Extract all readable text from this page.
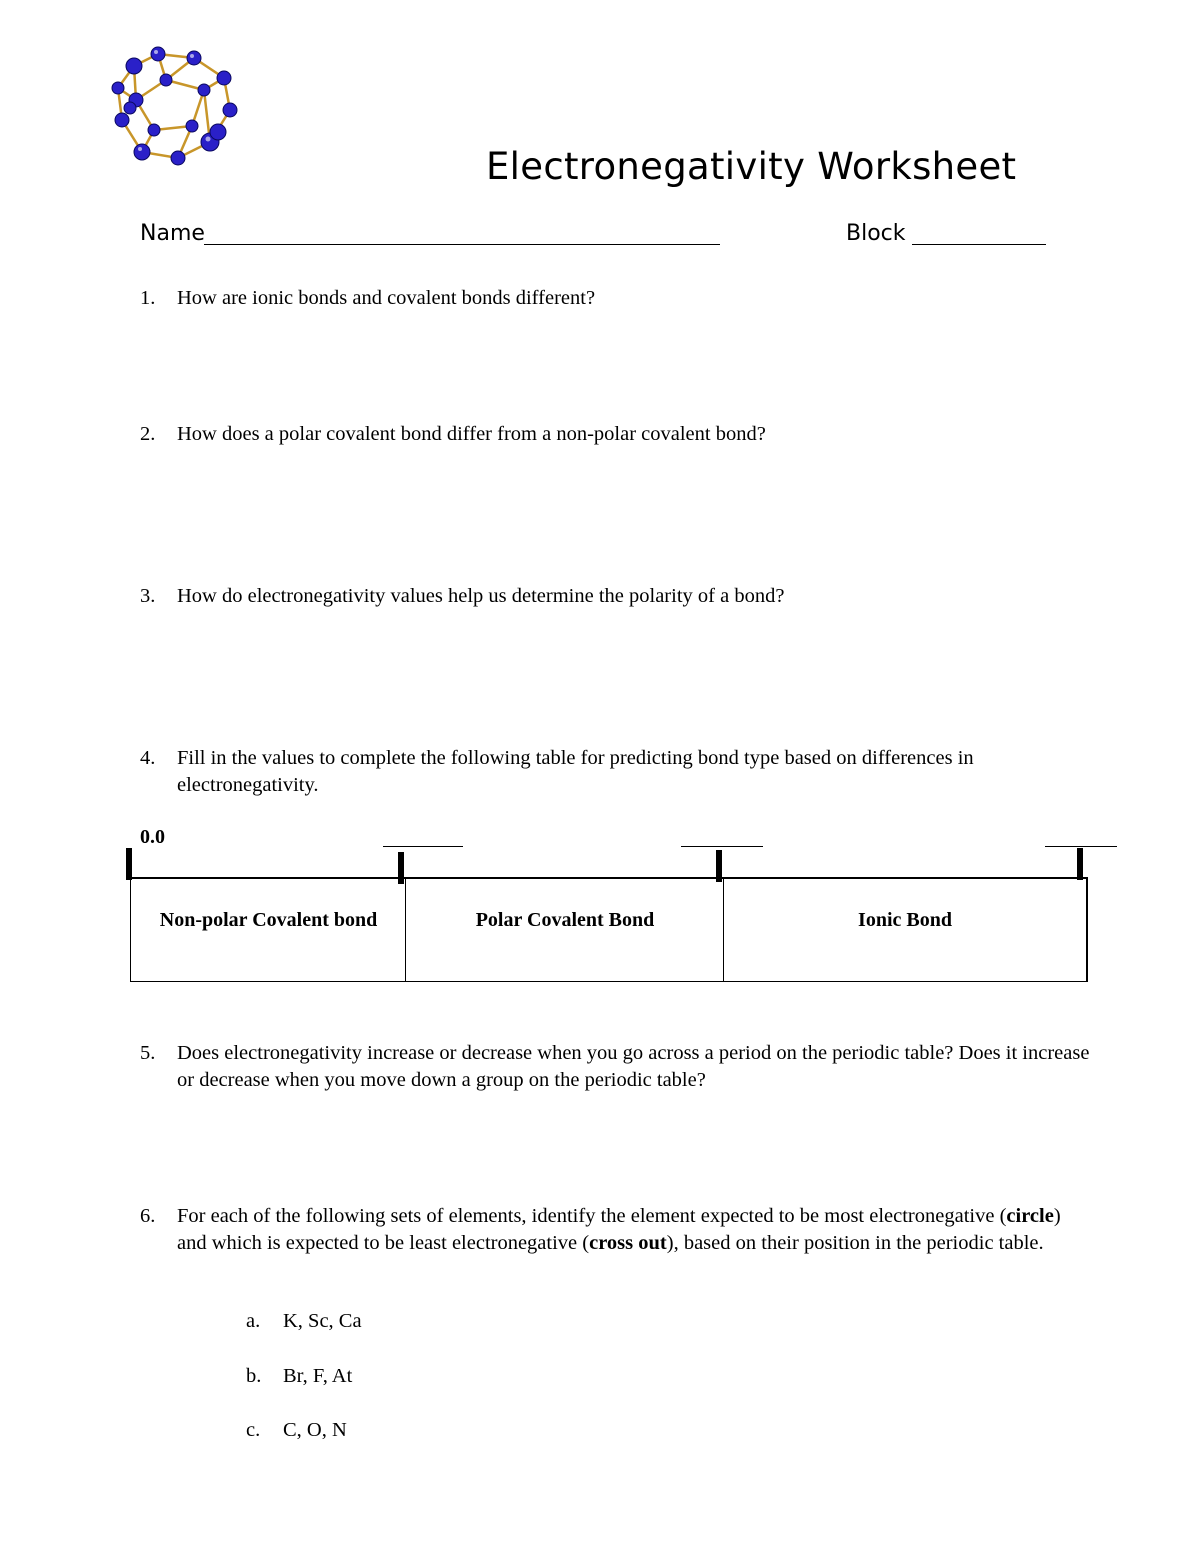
Electronegativity Worksheet
Name	Block
1.	How are ionic bonds and covalent bonds different?
2.	How does a polar covalent bond differ from a non-polar covalent bond?
3.	How do electronegativity values help us determine the polarity of a bond?
4.	Fill in the values to complete the following table for predicting bond type based on differences in electronegativity.
0.0
Non-polar Covalent bond	Polar Covalent Bond	Ionic Bond
5.	Does electronegativity increase or decrease when you go across a period on the periodic table? Does it increase or decrease when you move down a group on the periodic table?
6.	For each of the following sets of elements, identify the element expected to be most electronegative (circle) and which is expected to be least electronegative (cross out), based on their position in the periodic table.
a. K, Sc, Ca
b. Br, F, At
c. C, O, N
